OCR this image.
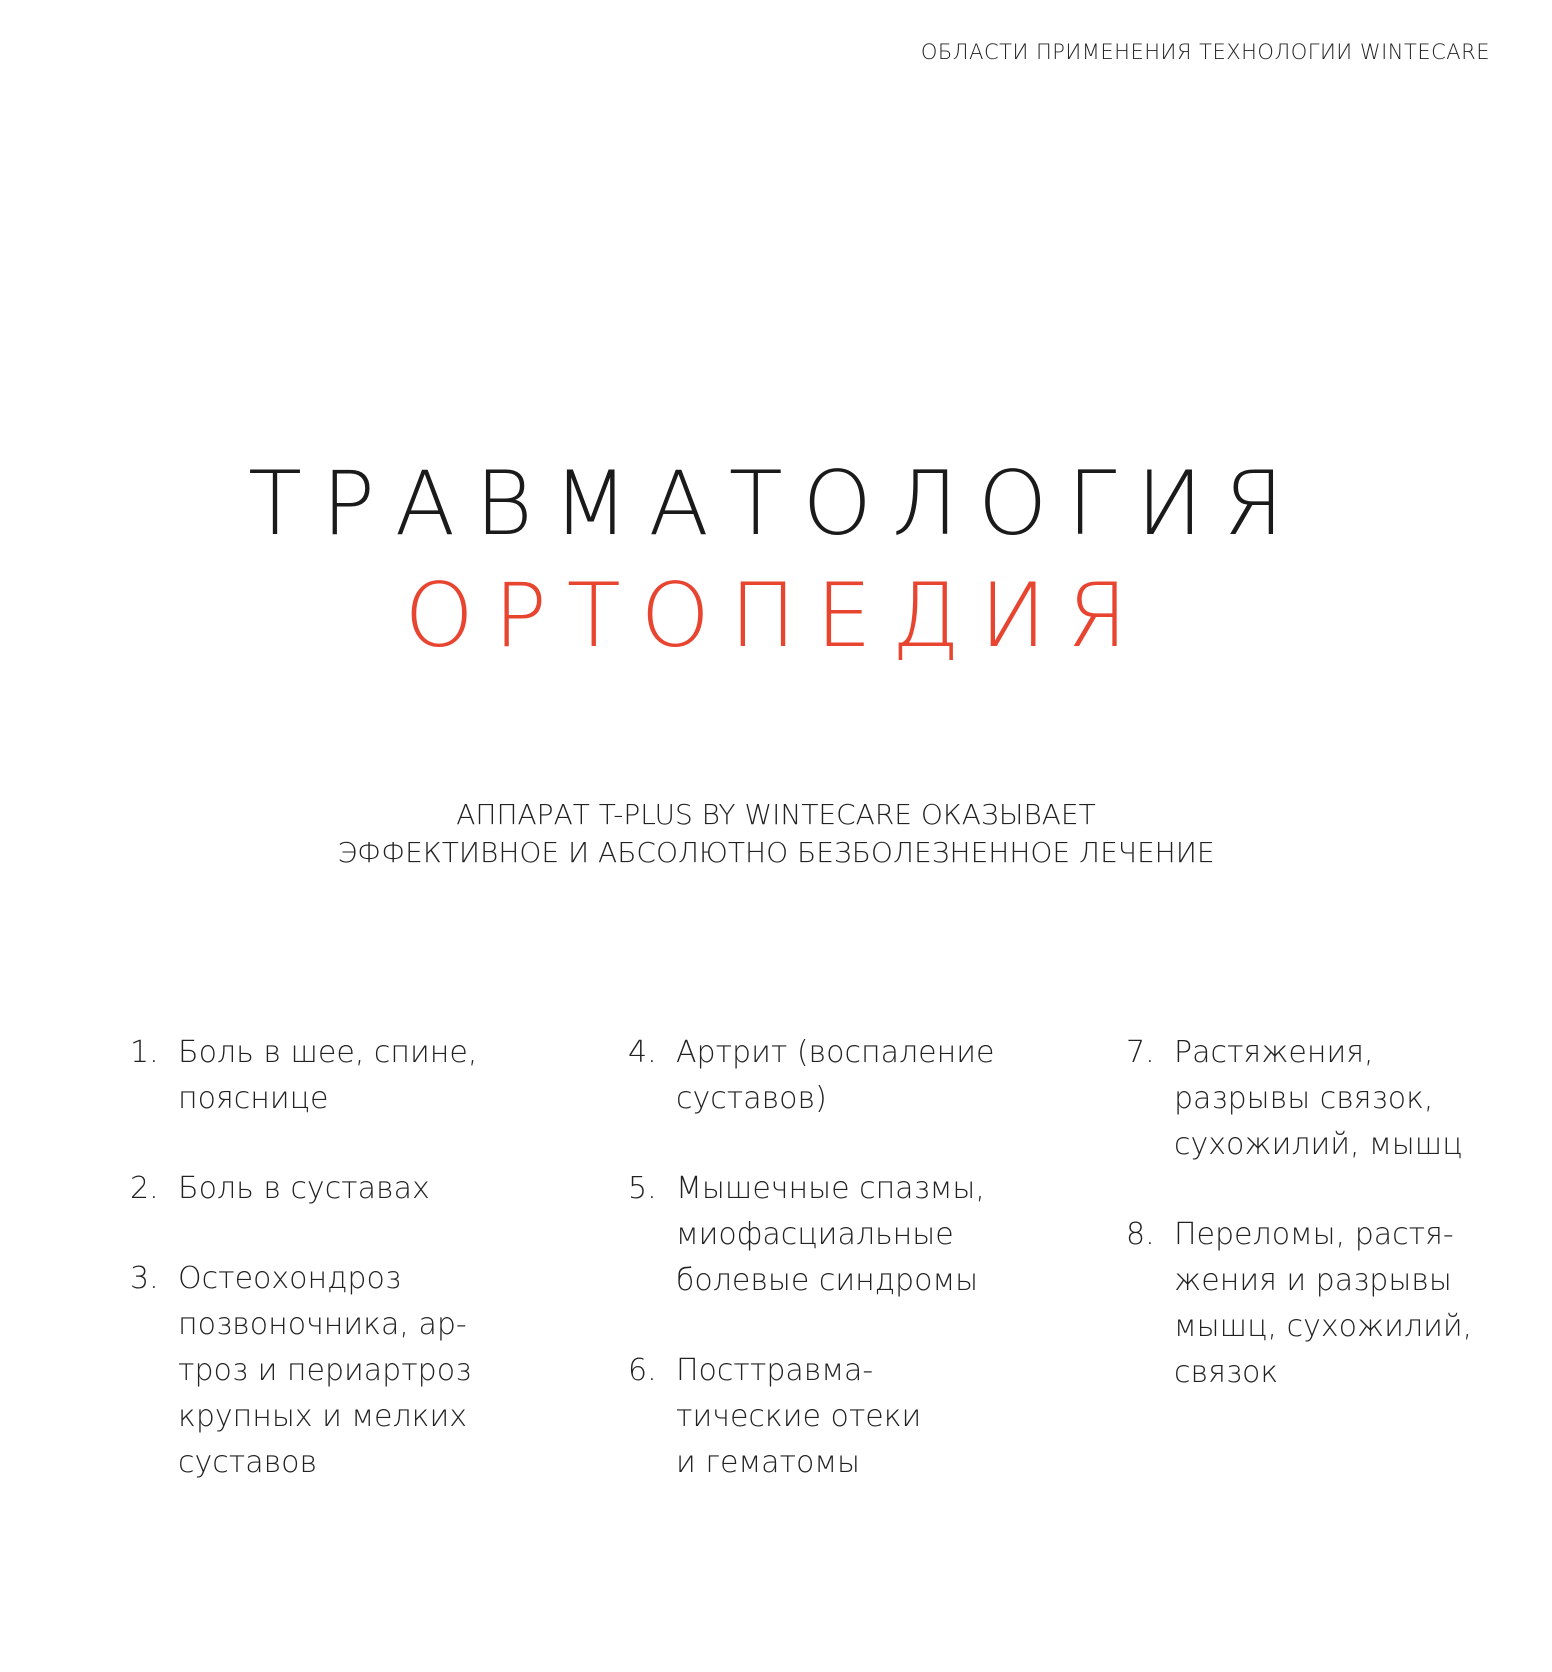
ОБЛАСТИ ПРИМЕНЕНИЯ ТЕХНОЛОГИИ WINTECARE

ТРАВМАТОЛОГИЯ

ОРТОПЕДИЯ

АППАРАТ T-PLUS BY WINTECARE ОКАЗЫВАЕТ
ЭФФЕКТИВНОЕ И АБСОЛЮТНО БЕЗБОЛЕЗНЕННОЕ ЛЕЧЕНИЕ
1. Боль в шее, спине,
пояснице
2. Боль в суставах
3. Остеохондроз
позвоночника, ар-
троз и периартроз
крупных и мелких
суставов
4. Артрит (воспаление
суставов)
5. Мышечные спазмы,
миофасциальные
болевые синдромы
6. Посттравма-
тические отеки
и гематомы
7. Растяжения,
разрывы связок,
сухожилий, мышц
8. Переломы, растя-
жения и разрывы
мышц, сухожилий,
связок
